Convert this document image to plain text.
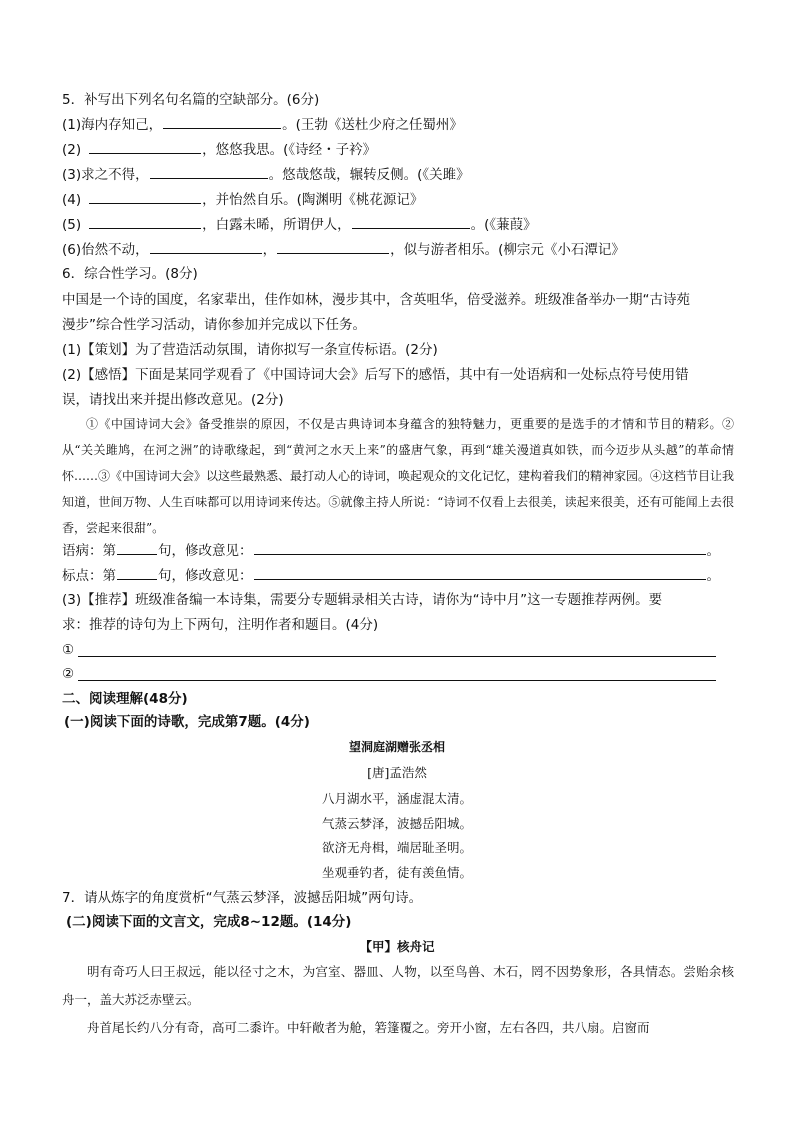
5．补写出下列名句名篇的空缺部分。(6分)
(1)海内存知己，	。(王勃《送杜少府之任蜀州》
(2)	，悠悠我思。(《诗经・子衿》
(3)求之不得，	。悠哉悠哉，辗转反侧。(《关雎》
(4)	，并怡然自乐。(陶渊明《桃花源记》
(5)	，白露未晞，所谓伊人，	。(《蒹葭》
(6)佁然不动，	，	，似与游者相乐。(柳宗元《小石潭记》
6．综合性学习。(8分)
中国是一个诗的国度，名家辈出，佳作如林，漫步其中，含英咀华，倍受滋养。班级准备举办一期“古诗苑
漫步”综合性学习活动，请你参加并完成以下任务。
(1)【策划】为了营造活动氛围，请你拟写一条宣传标语。(2分)
(2)【感悟】下面是某同学观看了《中国诗词大会》后写下的感悟，其中有一处语病和一处标点符号使用错
误，请找出来并提出修改意见。(2分)
①《中国诗词大会》备受推崇的原因，不仅是古典诗词本身蕴含的独特魅力，更重要的是选手的才情和节目的精彩。②从“关关雎鸠，在河之洲”的诗歌缘起，到“黄河之水天上来”的盛唐气象，再到“雄关漫道真如铁，而今迈步从头越”的革命情怀……③《中国诗词大会》以这些最熟悉、最打动人心的诗词，唤起观众的文化记忆，建构着我们的精神家园。④这档节目让我知道，世间万物、人生百味都可以用诗词来传达。⑤就像主持人所说：“诗词不仅看上去很美，读起来很美，还有可能闻上去很香，尝起来很甜”。
语病：第	句，修改意见：	。
标点：第	句，修改意见：	。
(3)【推荐】班级准备编一本诗集，需要分专题辑录相关古诗，请你为“诗中月”这一专题推荐两例。要
求：推荐的诗句为上下两句，注明作者和题目。(4分)
①
②
二、阅读理解(48分)
(一)阅读下面的诗歌，完成第7题。(4分)
望洞庭湖赠张丞相
[唐]孟浩然
八月湖水平，涵虚混太清。
气蒸云梦泽，波撼岳阳城。
欲济无舟楫，端居耻圣明。
坐观垂钓者，徒有羡鱼情。
7．请从炼字的角度赏析“气蒸云梦泽，波撼岳阳城”两句诗。
(二)阅读下面的文言文，完成8~12题。(14分)
【甲】核舟记
明有奇巧人曰王叔远，能以径寸之木，为宫室、器皿、人物，以至鸟兽、木石，罔不因势象形，各具情态。尝贻余核舟一，盖大苏泛赤壁云。
舟首尾长约八分有奇，高可二黍许。中轩敞者为舱，箬篷覆之。旁开小窗，左右各四，共八扇。启窗而
